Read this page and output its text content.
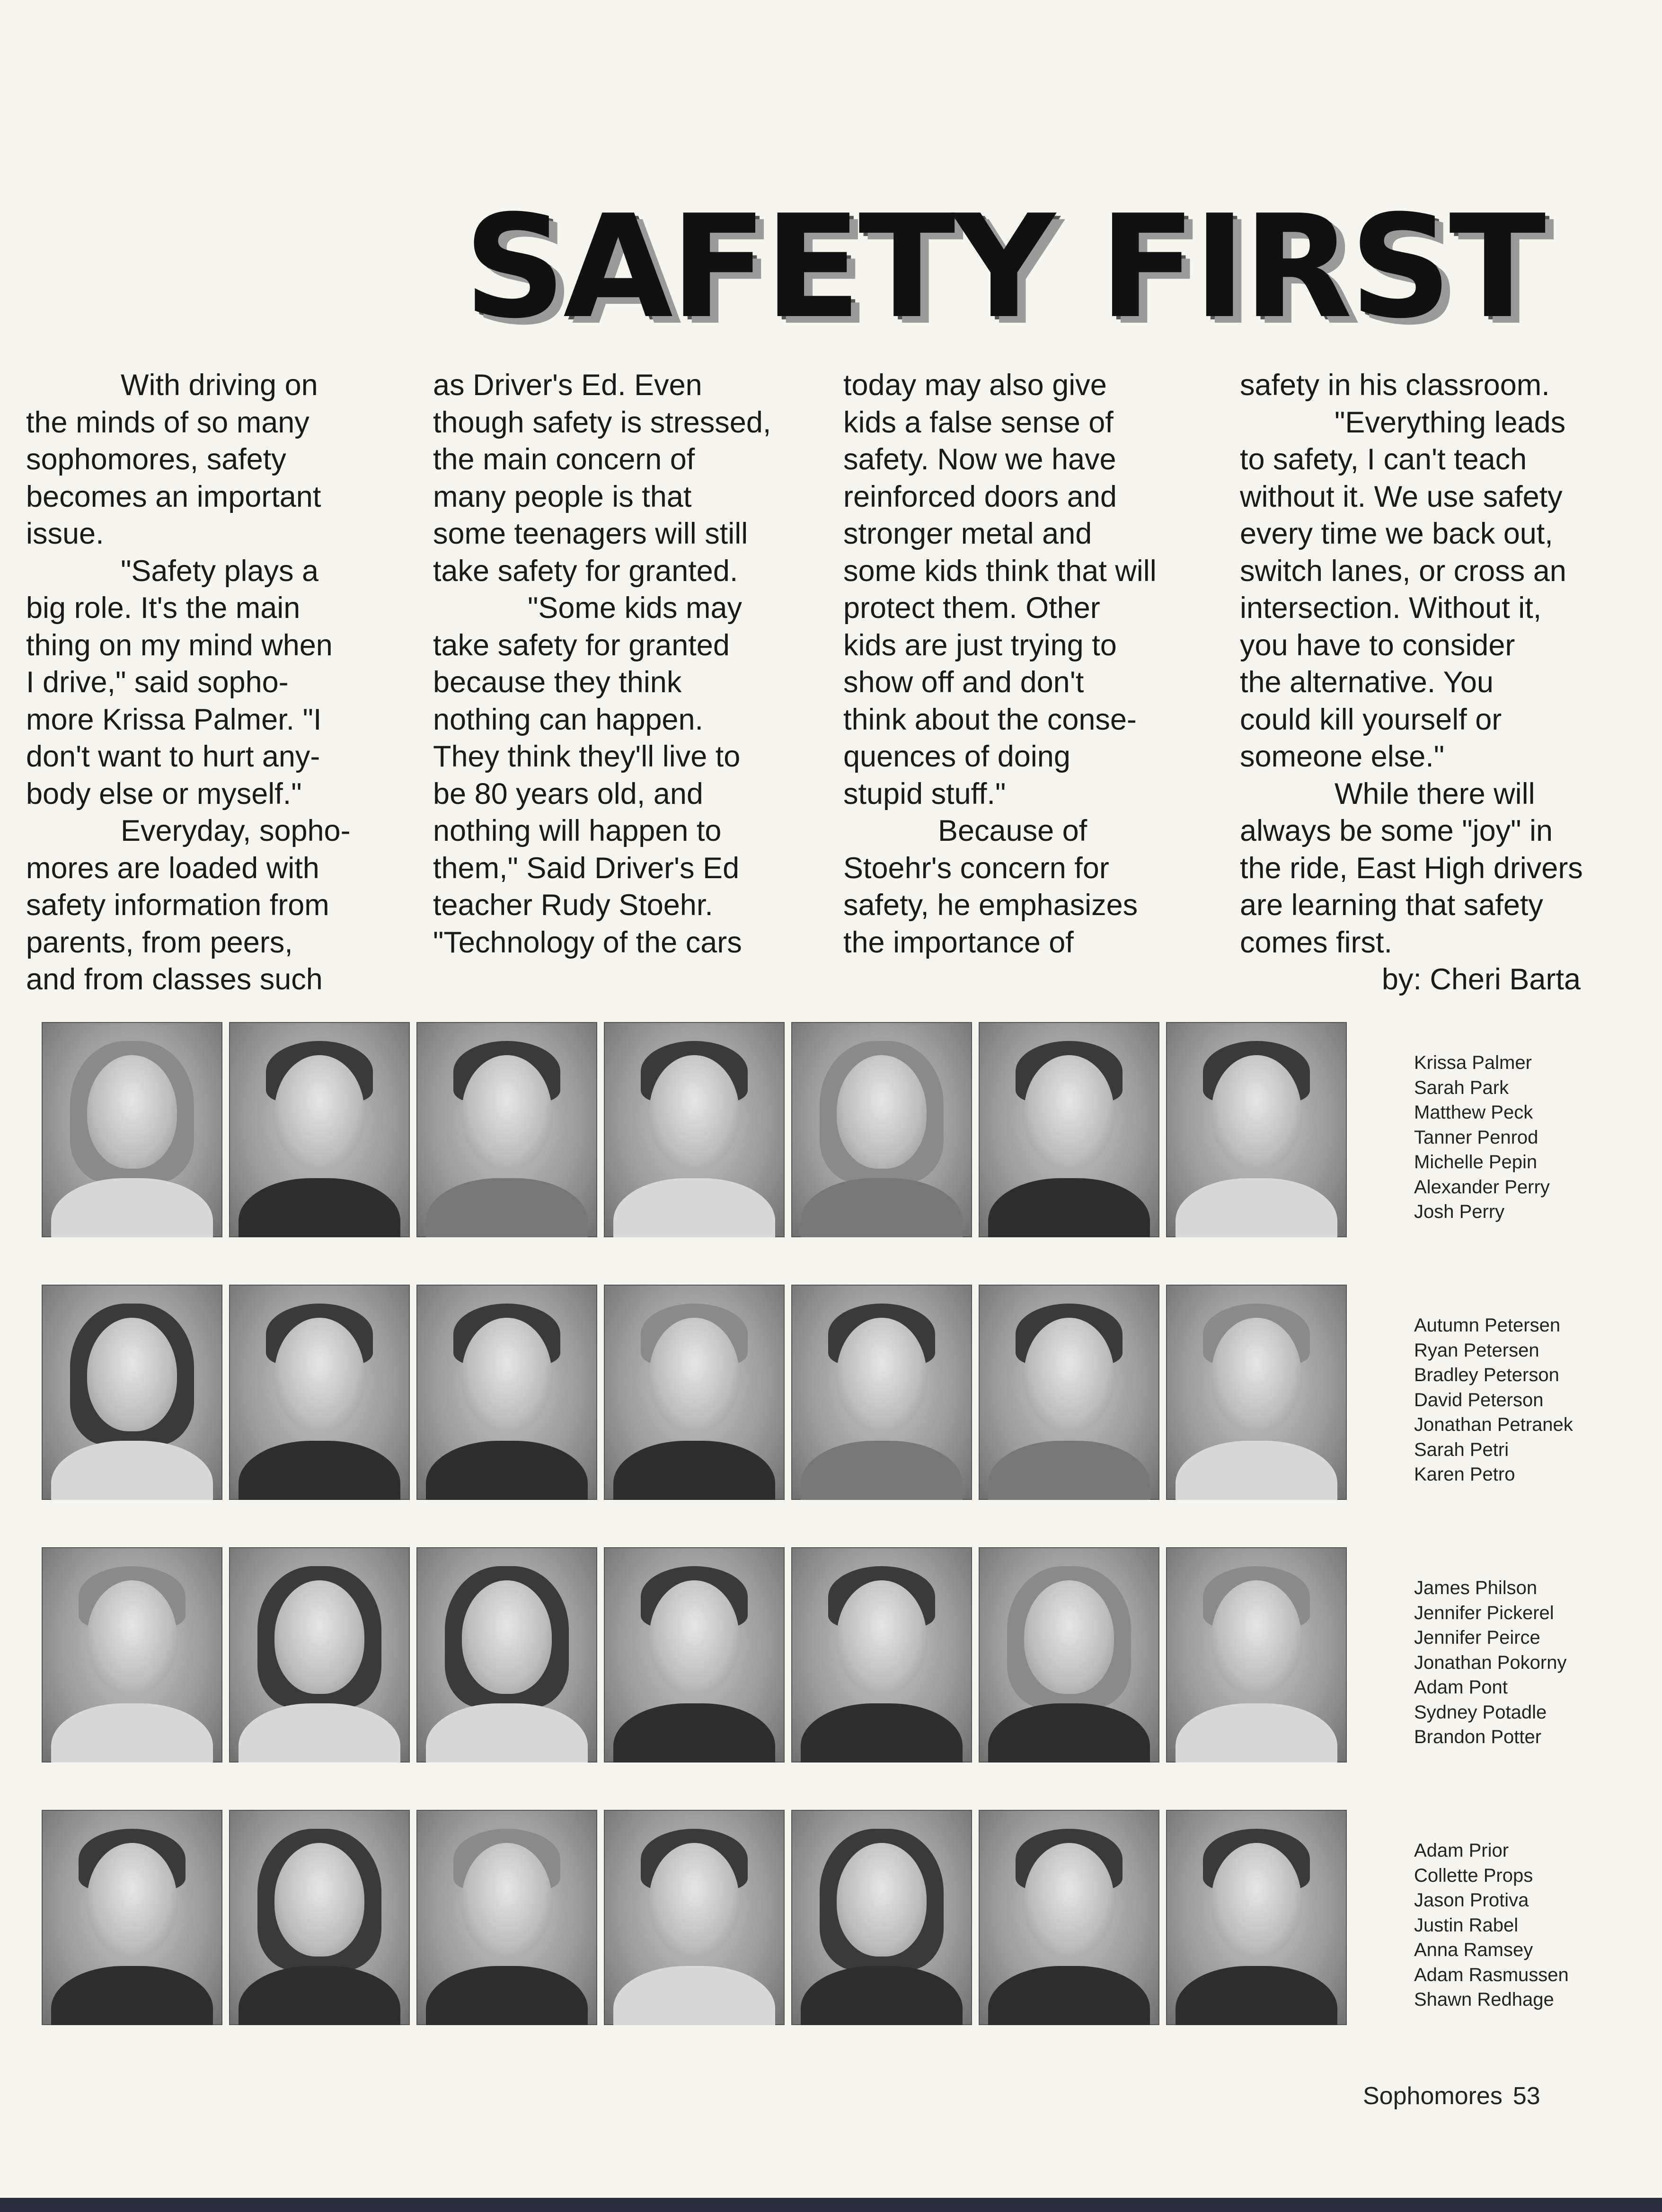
SAFETY FIRST

With driving on

the minds of so many

sophomores, safety

becomes an important

issue.

"Safety plays a

big role. It's the main

thing on my mind when

I drive," said sopho-

more Krissa Palmer. "I

don't want to hurt any-

body else or myself."

Everyday, sopho-

mores are loaded with

safety information from

parents, from peers,

and from classes such

as Driver's Ed. Even

though safety is stressed,

the main concern of

many people is that

some teenagers will still

take safety for granted.

"Some kids may

take safety for granted

because they think

nothing can happen.

They think they'll live to

be 80 years old, and

nothing will happen to

them," Said Driver's Ed

teacher Rudy Stoehr.

"Technology of the cars

today may also give

kids a false sense of

safety. Now we have

reinforced doors and

stronger metal and

some kids think that will

protect them. Other

kids are just trying to

show off and don't

think about the conse-

quences of doing

stupid stuff."

Because of

Stoehr's concern for

safety, he emphasizes

the importance of

safety in his classroom.

"Everything leads

to safety, I can't teach

without it. We use safety

every time we back out,

switch lanes, or cross an

intersection. Without it,

you have to consider

the alternative. You

could kill yourself or

someone else."

While there will

always be some "joy" in

the ride, East High drivers

are learning that safety

comes first.

by: Cheri Barta

Krissa Palmer
Sarah Park
Matthew Peck
Tanner Penrod
Michelle Pepin
Alexander Perry
Josh Perry
Autumn Petersen
Ryan Petersen
Bradley Peterson
David Peterson
Jonathan Petranek
Sarah Petri
Karen Petro
James Philson
Jennifer Pickerel
Jennifer Peirce
Jonathan Pokorny
Adam Pont
Sydney Potadle
Brandon Potter
Adam Prior
Collette Props
Jason Protiva
Justin Rabel
Anna Ramsey
Adam Rasmussen
Shawn Redhage
Sophomores 53
